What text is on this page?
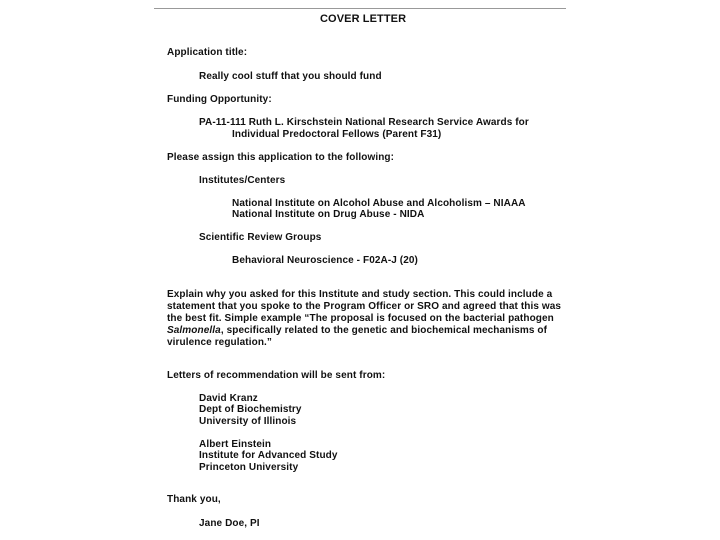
COVER LETTER
Application title:
Really cool stuff that you should fund
Funding Opportunity:
PA-11-111 Ruth L. Kirschstein National Research Service Awards for
Individual Predoctoral Fellows (Parent F31)
Please assign this application to the following:
Institutes/Centers
National Institute on Alcohol Abuse and Alcoholism – NIAAA
National Institute on Drug Abuse - NIDA
Scientific Review Groups
Behavioral Neuroscience - F02A-J (20)
Explain why you asked for this Institute and study section. This could include a
statement that you spoke to the Program Officer or SRO and agreed that this was
the best fit. Simple example “The proposal is focused on the bacterial pathogen
Salmonella, specifically related to the genetic and biochemical mechanisms of
virulence regulation.”
Letters of recommendation will be sent from:
David Kranz
Dept of Biochemistry
University of Illinois
Albert Einstein
Institute for Advanced Study
Princeton University
Thank you,
Jane Doe, PI
